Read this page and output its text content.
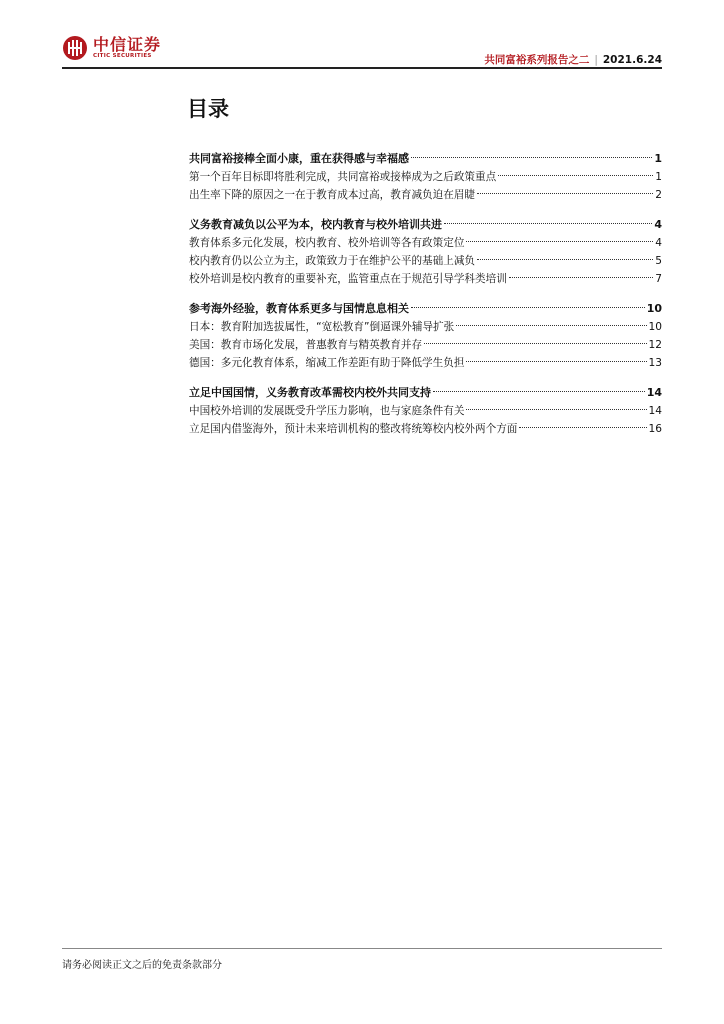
中信证券
CITIC SECURITIES	共同富裕系列报告之二 | 2021.6.24
目录
共同富裕接棒全面小康，重在获得感与幸福感	1
第一个百年目标即将胜利完成，共同富裕或接棒成为之后政策重点	1
出生率下降的原因之一在于教育成本过高，教育减负迫在眉睫	2
义务教育减负以公平为本，校内教育与校外培训共进	4
教育体系多元化发展，校内教育、校外培训等各有政策定位	4
校内教育仍以公立为主，政策致力于在维护公平的基础上减负	5
校外培训是校内教育的重要补充，监管重点在于规范引导学科类培训	7
参考海外经验，教育体系更多与国情息息相关	10
日本：教育附加选拔属性，“宽松教育”倒逼课外辅导扩张	10
美国：教育市场化发展，普惠教育与精英教育并存	12
德国：多元化教育体系，缩减工作差距有助于降低学生负担	13
立足中国国情，义务教育改革需校内校外共同支持	14
中国校外培训的发展既受升学压力影响，也与家庭条件有关	14
立足国内借鉴海外，预计未来培训机构的整改将统筹校内校外两个方面	16
请务必阅读正文之后的免责条款部分
